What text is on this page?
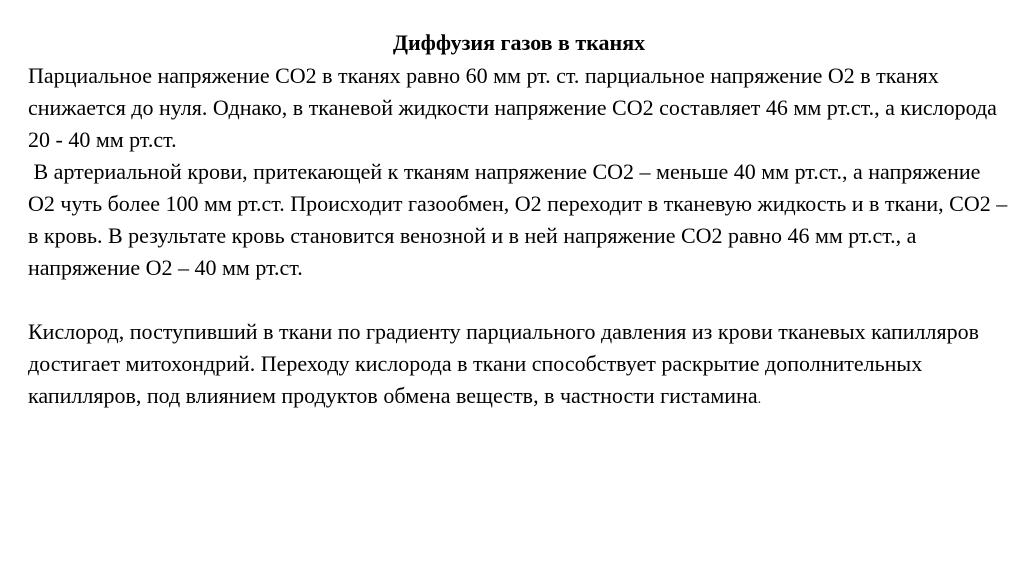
Диффузия газов в тканях

Парциальное напряжение СО2 в тканях равно 60 мм рт. ст. парциальное напряжение О2 в тканях снижается до нуля. Однако, в тканевой жидкости напряжение СО2 составляет 46 мм рт.ст., а кислорода 20 - 40 мм рт.ст.

В артериальной крови, притекающей к тканям напряжение СО2 – меньше 40 мм рт.ст., а напряжение О2 чуть более 100 мм рт.ст. Происходит газообмен, О2 переходит в тканевую жидкость и в ткани, СО2 – в кровь. В результате кровь становится венозной и в ней напряжение СО2 равно 46 мм рт.ст., а напряжение О2 – 40 мм рт.ст.

Кислород, поступивший в ткани по градиенту парциального давления из крови тканевых капилляров достигает митохондрий. Переходу кислорода в ткани способствует раскрытие дополнительных капилляров, под влиянием продуктов обмена веществ, в частности гистамина.
